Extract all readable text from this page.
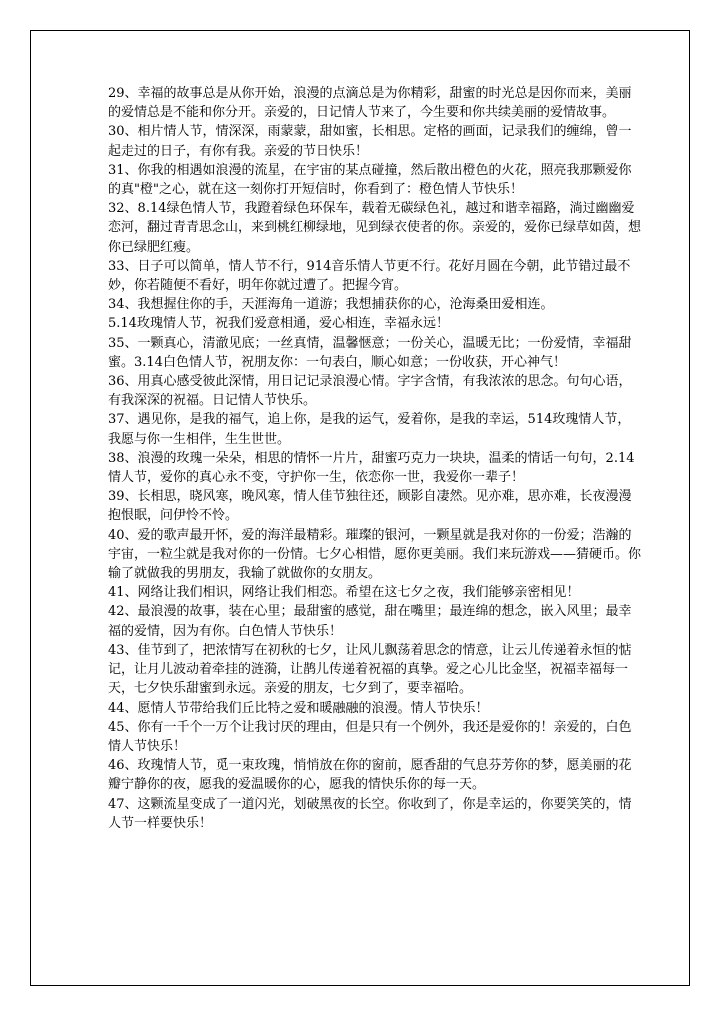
29、幸福的故事总是从你开始，浪漫的点滴总是为你精彩，甜蜜的时光总是因你而来，美丽的爱情总是不能和你分开。亲爱的，日记情人节来了，今生要和你共续美丽的爱情故事。

30、相片情人节，情深深，雨蒙蒙，甜如蜜，长相思。定格的画面，记录我们的缠绵，曾一起走过的日子，有你有我。亲爱的节日快乐！

31、你我的相遇如浪漫的流星，在宇宙的某点碰撞，然后散出橙色的火花，照亮我那颗爱你的真"橙"之心，就在这一刻你打开短信时，你看到了：橙色情人节快乐！

32、8.14绿色情人节，我蹬着绿色环保车，载着无碳绿色礼，越过和谐幸福路，淌过幽幽爱恋河，翻过青青思念山，来到桃红柳绿地，见到绿衣使者的你。亲爱的，爱你已绿草如茵，想你已绿肥红瘦。

33、日子可以简单，情人节不行，914音乐情人节更不行。花好月圆在今朝，此节错过最不妙，你若随便不看好，明年你就过遭了。把握今宵。

34、我想握住你的手，天涯海角一道游；我想捕获你的心，沧海桑田爱相连。

5.14玫瑰情人节，祝我们爱意相通，爱心相连，幸福永远！

35、一颗真心，清澈见底；一丝真情，温馨惬意；一份关心，温暖无比；一份爱情，幸福甜蜜。3.14白色情人节，祝朋友你：一句表白，顺心如意；一份收获，开心神气！

36、用真心感受彼此深情，用日记记录浪漫心情。字字含情，有我浓浓的思念。句句心语，有我深深的祝福。日记情人节快乐。

37、遇见你，是我的福气，追上你，是我的运气，爱着你，是我的幸运，514玫瑰情人节，我愿与你一生相伴，生生世世。

38、浪漫的玫瑰一朵朵，相思的情怀一片片，甜蜜巧克力一块块，温柔的情话一句句，2.14情人节，爱你的真心永不变，守护你一生，依恋你一世，我爱你一辈子！

39、长相思，晓风寒，晚风寒，情人佳节独往还，顾影自凄然。见亦难，思亦难，长夜漫漫抱恨眠，问伊怜不怜。

40、爱的歌声最开怀，爱的海洋最精彩。璀璨的银河，一颗星就是我对你的一份爱；浩瀚的宇宙，一粒尘就是我对你的一份情。七夕心相惜，愿你更美丽。我们来玩游戏——猜硬币。你输了就做我的男朋友，我输了就做你的女朋友。

41、网络让我们相识，网络让我们相恋。希望在这七夕之夜，我们能够亲密相见！

42、最浪漫的故事，装在心里；最甜蜜的感觉，甜在嘴里；最连绵的想念，嵌入风里；最幸福的爱情，因为有你。白色情人节快乐！

43、佳节到了，把浓情写在初秋的七夕，让风儿飘荡着思念的情意，让云儿传递着永恒的惦记，让月儿波动着牵挂的涟漪，让鹊儿传递着祝福的真挚。爱之心儿比金坚，祝福幸福每一天，七夕快乐甜蜜到永远。亲爱的朋友，七夕到了，要幸福哈。

44、愿情人节带给我们丘比特之爱和暖融融的浪漫。情人节快乐！

45、你有一千个一万个让我讨厌的理由，但是只有一个例外，我还是爱你的！亲爱的，白色情人节快乐！

46、玫瑰情人节，觅一束玫瑰，悄悄放在你的窗前，愿香甜的气息芬芳你的梦，愿美丽的花瓣宁静你的夜，愿我的爱温暖你的心，愿我的情快乐你的每一天。

47、这颗流星变成了一道闪光，划破黑夜的长空。你收到了，你是幸运的，你要笑笑的，情人节一样要快乐！
